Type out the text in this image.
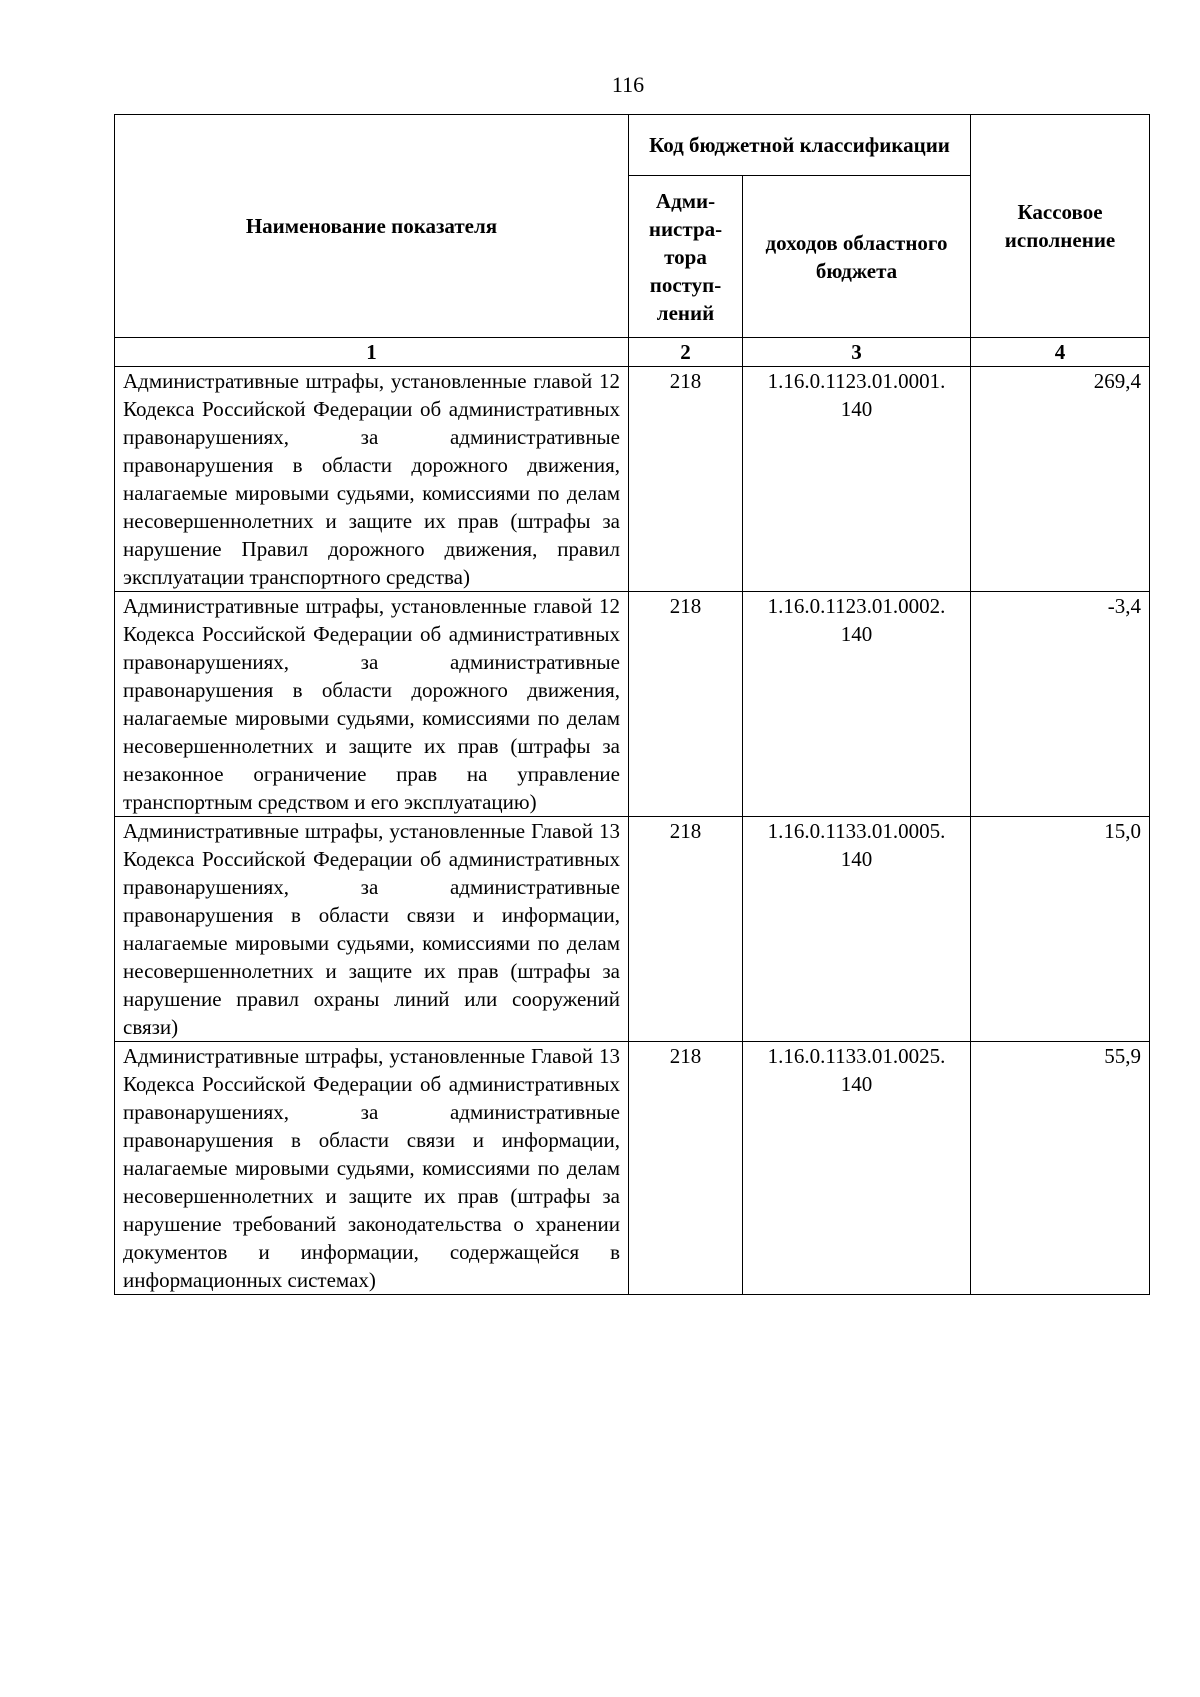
116
Наименование показателя	Код бюджетной классификации		Кассовое исполнение
	Адми-нистра-тора поступ-лений	доходов областного бюджета	
1	2	3	4
Административные штрафы, установленные главой 12 Кодекса Российской Федерации об административных правонарушениях, за административные правонарушения в области дорожного движения, налагаемые мировыми судьями, комиссиями по делам несовершеннолетних и защите их прав (штрафы за нарушение Правил дорожного движения, правил эксплуатации транспортного средства)	218	1.16.0.1123.01.0001. 140	269,4
Административные штрафы, установленные главой 12 Кодекса Российской Федерации об административных правонарушениях, за административные правонарушения в области дорожного движения, налагаемые мировыми судьями, комиссиями по делам несовершеннолетних и защите их прав (штрафы за незаконное ограничение прав на управление транспортным средством и его эксплуатацию)	218	1.16.0.1123.01.0002. 140	-3,4
Административные штрафы, установленные Главой 13 Кодекса Российской Федерации об административных правонарушениях, за административные правонарушения в области связи и информации, налагаемые мировыми судьями, комиссиями по делам несовершеннолетних и защите их прав (штрафы за нарушение правил охраны линий или сооружений связи)	218	1.16.0.1133.01.0005. 140	15,0
Административные штрафы, установленные Главой 13 Кодекса Российской Федерации об административных правонарушениях, за административные правонарушения в области связи и информации, налагаемые мировыми судьями, комиссиями по делам несовершеннолетних и защите их прав (штрафы за нарушение требований законодательства о хранении документов и информации, содержащейся в информационных системах)	218	1.16.0.1133.01.0025. 140	55,9
